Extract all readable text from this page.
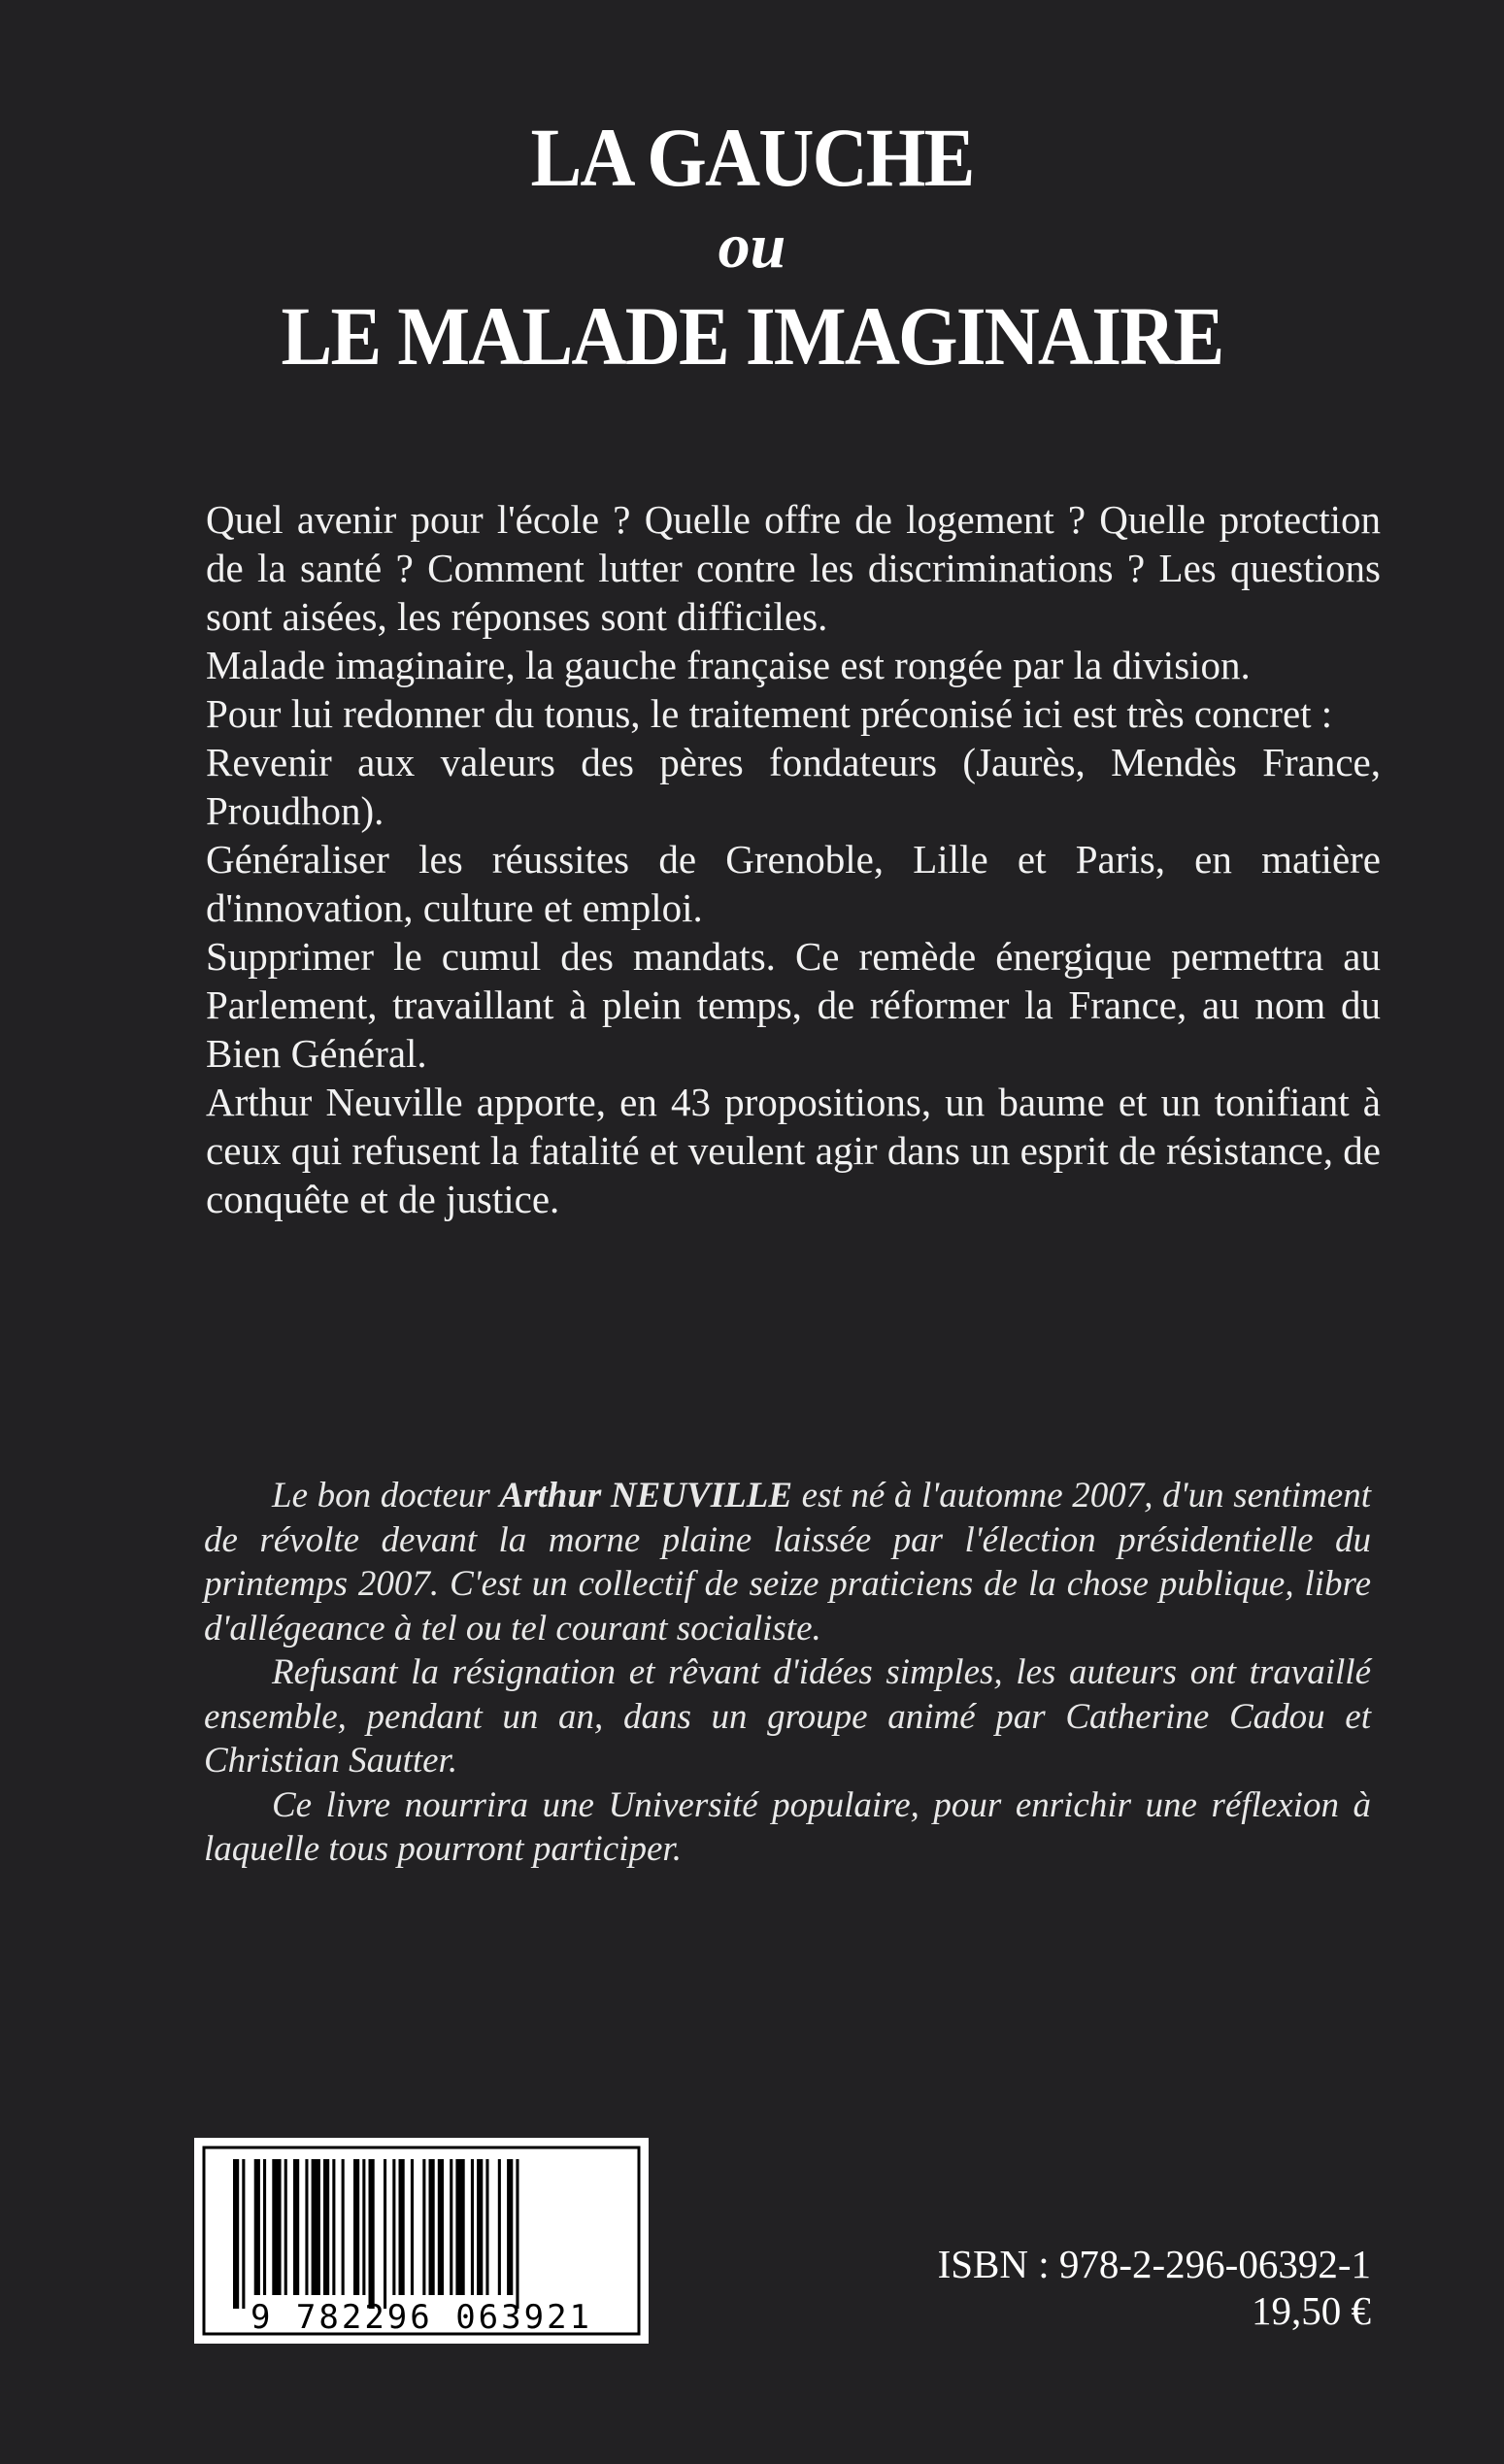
LA GAUCHE
ou
LE MALADE IMAGINAIRE

Quel avenir pour l'école ? Quelle offre de logement ? Quelle protection de la santé ? Comment lutter contre les discriminations ? Les questions sont aisées, les réponses sont difficiles.

Malade imaginaire, la gauche française est rongée par la division.

Pour lui redonner du tonus, le traitement préconisé ici est très concret :

Revenir aux valeurs des pères fondateurs (Jaurès, Mendès France, Proudhon).

Généraliser les réussites de Grenoble, Lille et Paris, en matière d'innovation, culture et emploi.

Supprimer le cumul des mandats. Ce remède énergique permettra au Parlement, travaillant à plein temps, de réformer la France, au nom du Bien Général.

Arthur Neuville apporte, en 43 propositions, un baume et un tonifiant à ceux qui refusent la fatalité et veulent agir dans un esprit de résistance, de conquête et de justice.

Le bon docteur Arthur NEUVILLE est né à l'automne 2007, d'un sentiment de révolte devant la morne plaine laissée par l'élection présidentielle du printemps 2007. C'est un collectif de seize praticiens de la chose publique, libre d'allégeance à tel ou tel courant socialiste.

Refusant la résignation et rêvant d'idées simples, les auteurs ont travaillé ensemble, pendant un an, dans un groupe animé par Catherine Cadou et Christian Sautter.

Ce livre nourrira une Université populaire, pour enrichir une réflexion à laquelle tous pourront participer.

9 782296 063921
ISBN : 978-2-296-06392-1
19,50 €
